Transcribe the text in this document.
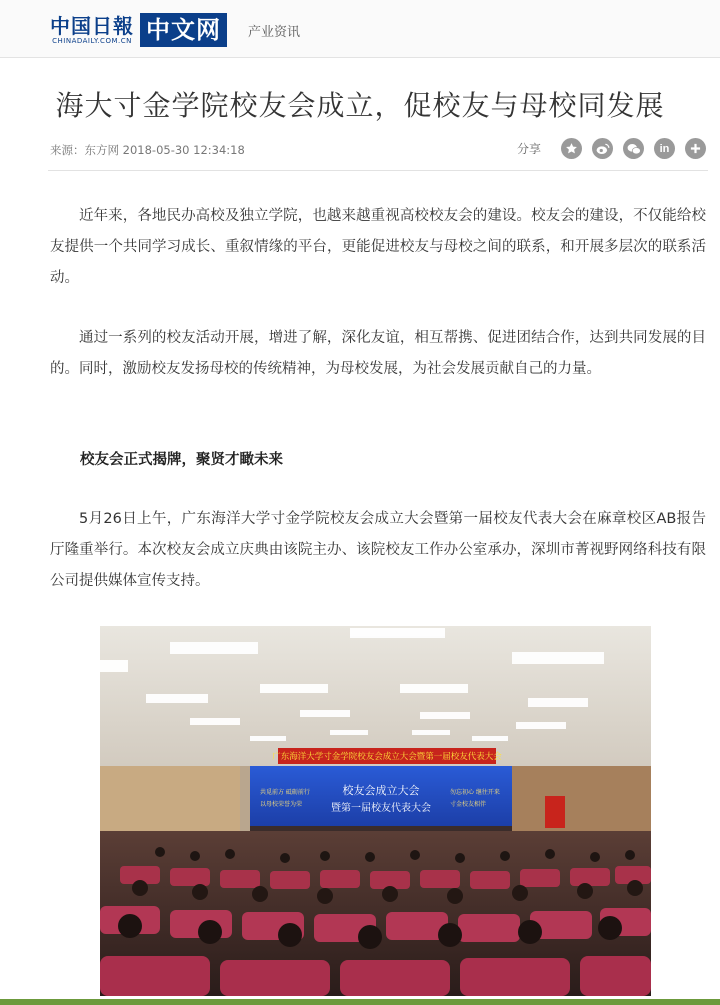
中国日報
CHINADAILY.COM.CN 中文网	产业资讯
海大寸金学院校友会成立，促校友与母校同发展
来源：东方网 2018-05-30 12:34:18	分享	in

近年来，各地民办高校及独立学院，也越来越重视高校校友会的建设。校友会的建设，不仅能给校友提供一个共同学习成长、重叙情缘的平台，更能促进校友与母校之间的联系，和开展多层次的联系活动。

通过一系列的校友活动开展，增进了解，深化友谊，相互帮携、促进团结合作，达到共同发展的目的。同时，激励校友发扬母校的传统精神，为母校发展，为社会发展贡献自己的力量。

校友会正式揭牌，聚贤才瞰未来

5月26日上午，广东海洋大学寸金学院校友会成立大会暨第一届校友代表大会在麻章校区AB报告厅隆重举行。本次校友会成立庆典由该院主办、该院校友工作办公室承办，深圳市菁视野网络科技有限公司提供媒体宣传支持。

广东海洋大学寸金学院校友会成立大会暨第一届校友代表大会
校友会成立大会
暨第一届校友代表大会
共觅前方 砥砺前行
以母校荣誉为荣
勿忘初心 继往开来
寸金校友相伴
